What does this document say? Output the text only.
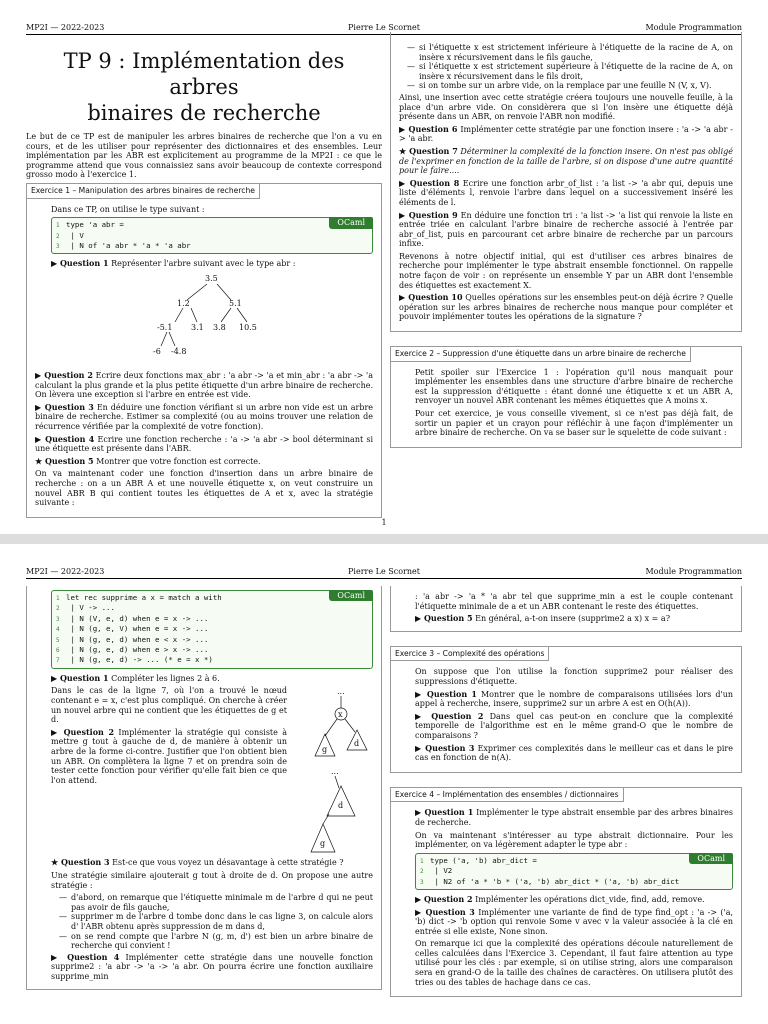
MP2I — 2022-2023	Pierre Le Scornet	Module Programmation
TP 9 : Implémentation des arbres
binaires de recherche

Le but de ce TP est de manipuler les arbres binaires de recherche que l'on a vu en cours, et de les utiliser pour représenter des dictionnaires et des ensembles. Leur implémentation par les ABR est explicitement au programme de la MP2I : ce que le programme attend que vous connaissiez sans avoir beaucoup de contexte correspond grosso modo à l'exercice 1.

Exercice 1 – Manipulation des arbres binaires de recherche

Dans ce TP, on utilise le type suivant :

OCaml
1 type 'a abr =
2 | V
3 | N of 'a abr * 'a * 'a abr

▶ Question 1 Représenter l'arbre suivant avec le type abr :

3.5
1.2	5.1
-5.1 3.1 3.8 10.5
-6 -4.8

▶ Question 2 Ecrire deux fonctions max_abr : 'a abr -> 'a et min_abr : 'a abr -> 'a calculant la plus grande et la plus petite étiquette d'un arbre binaire de recherche. On lèvera une exception si l'arbre en entrée est vide.

▶ Question 3 En déduire une fonction vérifiant si un arbre non vide est un arbre binaire de recherche. Estimer sa complexité (ou au moins trouver une relation de récurrence vérifiée par la complexité de votre fonction).

▶ Question 4 Ecrire une fonction recherche : 'a -> 'a abr -> bool déterminant si une étiquette est présente dans l'ABR.

★ Question 5 Montrer que votre fonction est correcte.

On va maintenant coder une fonction d'insertion dans un arbre binaire de recherche : on a un ABR A et une nouvelle étiquette x, on veut construire un nouvel ABR B qui contient toutes les étiquettes de A et x, avec la stratégie suivante :

— si l'étiquette x est strictement inférieure à l'étiquette de la racine de A, on insère x récursivement dans le fils gauche,
— si l'étiquette x est strictement supérieure à l'étiquette de la racine de A, on insère x récursivement dans le fils droit,
— si on tombe sur un arbre vide, on la remplace par une feuille N (V, x, V).

Ainsi, une insertion avec cette stratégie créera toujours une nouvelle feuille, à la place d'un arbre vide. On considèrera que si l'on insère une étiquette déjà présente dans un ABR, on renvoie l'ABR non modifié.

▶ Question 6 Implémenter cette stratégie par une fonction insere : 'a -> 'a abr -> 'a abr.

★ Question 7 Déterminer la complexité de la fonction insere. On n'est pas obligé de l'exprimer en fonction de la taille de l'arbre, si on dispose d'une autre quantité pour le faire....

▶ Question 8 Ecrire une fonction arbr_of_list : 'a list -> 'a abr qui, depuis une liste d'éléments l, renvoie l'arbre dans lequel on a successivement inséré les éléments de l.

▶ Question 9 En déduire une fonction tri : 'a list -> 'a list qui renvoie la liste en entrée triée en calculant l'arbre binaire de recherche associé à l'entrée par abr_of_list, puis en parcourant cet arbre binaire de recherche par un parcours infixe.

Revenons à notre objectif initial, qui est d'utiliser ces arbres binaires de recherche pour implémenter le type abstrait ensemble fonctionnel. On rappelle notre façon de voir : on représente un ensemble Y par un ABR dont l'ensemble des étiquettes est exactement X.

▶ Question 10 Quelles opérations sur les ensembles peut-on déjà écrire ? Quelle opération sur les arbres binaires de recherche nous manque pour compléter et pouvoir implémenter toutes les opérations de la signature ?

Exercice 2 – Suppression d'une étiquette dans un arbre binaire de recherche

Petit spoiler sur l'Exercice 1 : l'opération qu'il nous manquait pour implémenter les ensembles dans une structure d'arbre binaire de recherche est la suppression d'étiquette : étant donné une étiquette x et un ABR A, renvoyer un nouvel ABR contenant les mêmes étiquettes que A moins x.

Pour cet exercice, je vous conseille vivement, si ce n'est pas déjà fait, de sortir un papier et un crayon pour réfléchir à une façon d'implémenter un arbre binaire de recherche. On va se baser sur le squelette de code suivant :

1
MP2I — 2022-2023	Pierre Le Scornet	Module Programmation
OCaml
1 let rec supprime a x = match a with
2 | V -> ...
3 | N (V, e, d) when e = x -> ...
4 | N (g, e, V) when e = x -> ...
5 | N (g, e, d) when e < x -> ...
6 | N (g, e, d) when e > x -> ...
7 | N (g, e, d) -> ... (* e = x *)

▶ Question 1 Compléter les lignes 2 à 6.

...
x
g
d

Dans le cas de la ligne 7, où l'on a trouvé le nœud contenant e = x, c'est plus compliqué. On cherche à créer un nouvel arbre qui ne contient que les étiquettes de g et d.

...
d
g

▶ Question 2 Implémenter la stratégie qui consiste à mettre g tout à gauche de d, de manière à obtenir un arbre de la forme ci-contre. Justifier que l'on obtient bien un ABR. On complètera la ligne 7 et on prendra soin de tester cette fonction pour vérifier qu'elle fait bien ce que l'on attend.

★ Question 3 Est-ce que vous voyez un désavantage à cette stratégie ?

Une stratégie similaire ajouterait g tout à droite de d. On propose une autre stratégie :

— d'abord, on remarque que l'étiquette minimale m de l'arbre d qui ne peut pas avoir de fils gauche,
— supprimer m de l'arbre d tombe donc dans le cas ligne 3, on calcule alors d' l'ABR obtenu après suppression de m dans d,
— on se rend compte que l'arbre N (g, m, d') est bien un arbre binaire de recherche qui convient !

▶ Question 4 Implémenter cette stratégie dans une nouvelle fonction supprime2 : 'a abr -> 'a -> 'a abr. On pourra écrire une fonction auxiliaire supprime_min

: 'a abr -> 'a * 'a abr tel que supprime_min a est le couple contenant l'étiquette minimale de a et un ABR contenant le reste des étiquettes.

▶ Question 5 En général, a-t-on insere (supprime2 a x) x = a?

Exercice 3 – Complexité des opérations

On suppose que l'on utilise la fonction supprime2 pour réaliser des suppressions d'étiquette.

▶ Question 1 Montrer que le nombre de comparaisons utilisées lors d'un appel à recherche, insere, supprime2 sur un arbre A est en O(h(A)).

▶ Question 2 Dans quel cas peut-on en conclure que la complexité temporelle de l'algorithme est en le même grand-O que le nombre de comparaisons ?

▶ Question 3 Exprimer ces complexités dans le meilleur cas et dans le pire cas en fonction de n(A).

Exercice 4 – Implémentation des ensembles / dictionnaires

▶ Question 1 Implémenter le type abstrait ensemble par des arbres binaires de recherche.

On va maintenant s'intéresser au type abstrait dictionnaire. Pour les implémenter, on va légèrement adapter le type abr :

OCaml
1 type ('a, 'b) abr_dict =
2 | V2
3 | N2 of 'a * 'b * ('a, 'b) abr_dict * ('a, 'b) abr_dict

▶ Question 2 Implémenter les opérations dict_vide, find, add, remove.

▶ Question 3 Implémenter une variante de find de type find_opt : 'a -> ('a, 'b) dict -> 'b option qui renvoie Some v avec v la valeur associée à la clé en entrée si elle existe, None sinon.

On remarque ici que la complexité des opérations découle naturellement de celles calculées dans l'Exercice 3. Cependant, il faut faire attention au type utilisé pour les clés : par exemple, si on utilise string, alors une comparaison sera en grand-O de la taille des chaînes de caractères. On utilisera plutôt des tries ou des tables de hachage dans ce cas.
